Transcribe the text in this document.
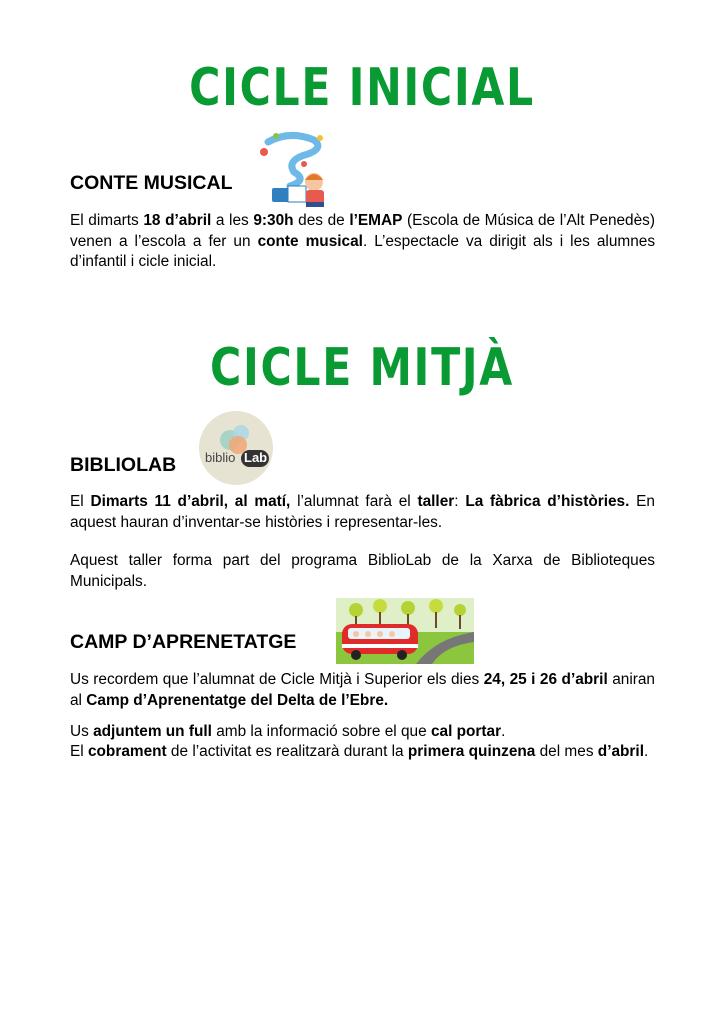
CICLE INICIAL
CONTE MUSICAL

El dimarts 18 d’abril a les 9:30h des de l’EMAP (Escola de Música de l’Alt Penedès) venen a l’escola a fer un conte musical. L’espectacle va dirigit als i les alumnes d’infantil i cicle inicial.

CICLE MITJÀ
BIBLIOLAB biblio Lab

El Dimarts 11 d’abril, al matí, l’alumnat farà el taller: La fàbrica d’històries. En aquest hauran d’inventar-se històries i representar-les.

Aquest taller forma part del programa BiblioLab de la Xarxa de Biblioteques Municipals.

CAMP D’APRENETATGE

Us recordem que l’alumnat de Cicle Mitjà i Superior els dies 24, 25 i 26 d’abril aniran al Camp d’Aprenentatge del Delta de l’Ebre.

Us adjuntem un full amb la informació sobre el que cal portar.

El cobrament de l’activitat es realitzarà durant la primera quinzena del mes d’abril.
